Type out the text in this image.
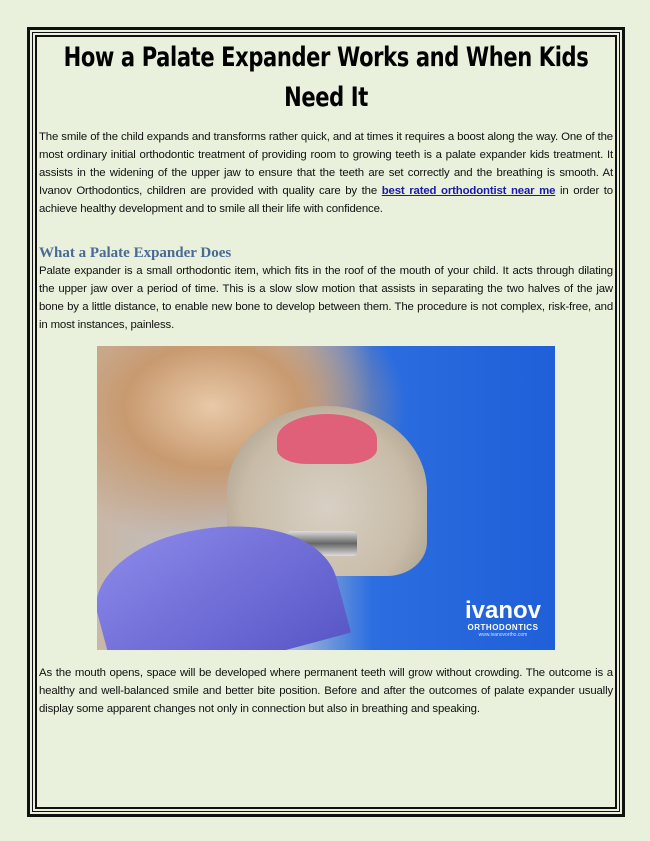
How a Palate Expander Works and When Kids Need It

The smile of the child expands and transforms rather quick, and at times it requires a boost along the way. One of the most ordinary initial orthodontic treatment of providing room to growing teeth is a palate expander kids treatment. It assists in the widening of the upper jaw to ensure that the teeth are set correctly and the breathing is smooth. At Ivanov Orthodontics, children are provided with quality care by the best rated orthodontist near me in order to achieve healthy development and to smile all their life with confidence.

What a Palate Expander Does

Palate expander is a small orthodontic item, which fits in the roof of the mouth of your child. It acts through dilating the upper jaw over a period of time. This is a slow slow motion that assists in separating the two halves of the jaw bone by a little distance, to enable new bone to develop between them. The procedure is not complex, risk-free, and in most instances, painless.

ivanov
ORTHODONTICS
www.ivanovortho.com

As the mouth opens, space will be developed where permanent teeth will grow without crowding. The outcome is a healthy and well-balanced smile and better bite position. Before and after the outcomes of palate expander usually display some apparent changes not only in connection but also in breathing and speaking.
